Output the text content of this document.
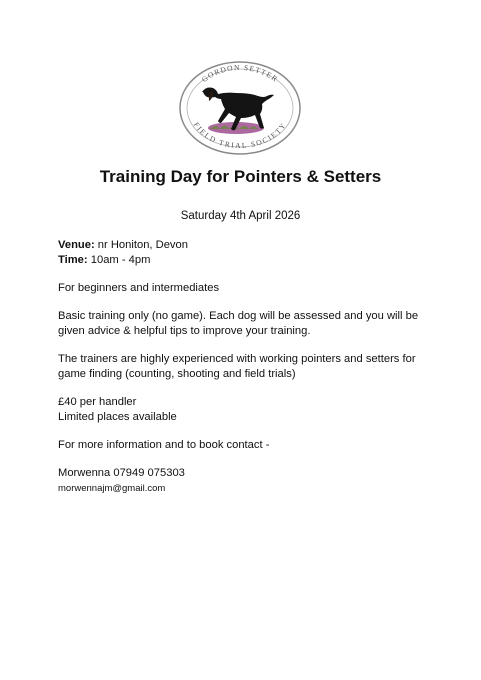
GORDON SETTER
FIELD TRIAL SOCIETY
Training Day for Pointers & Setters
Saturday 4th April 2026

Venue: nr Honiton, Devon

Time: 10am - 4pm

For beginners and intermediates

Basic training only (no game). Each dog will be assessed and you will be given advice & helpful tips to improve your training.

The trainers are highly experienced with working pointers and setters for game finding (counting, shooting and field trials)

£40 per handler

Limited places available

For more information and to book contact -

Morwenna 07949 075303

morwennajm@gmail.com
